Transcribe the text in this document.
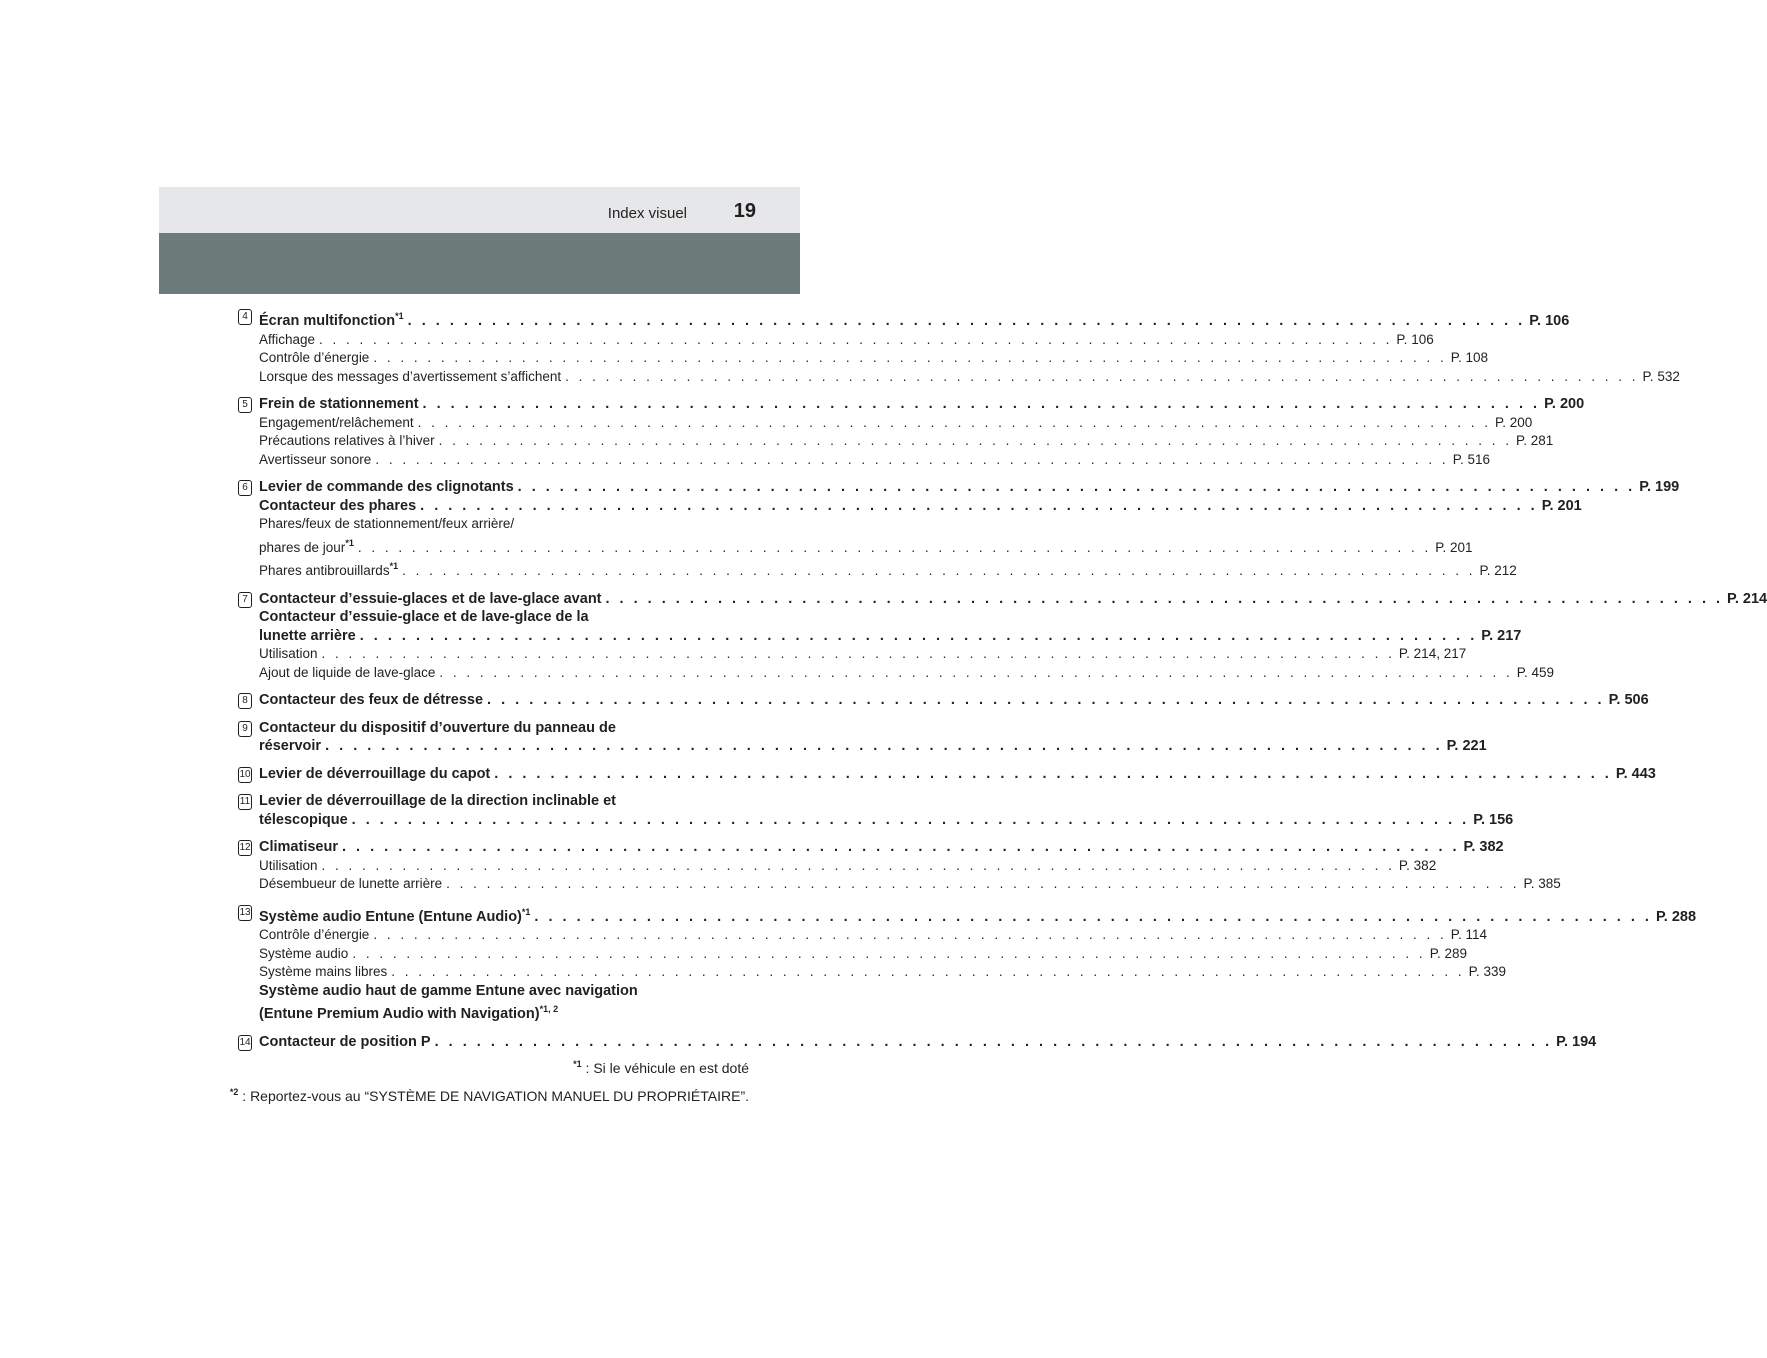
Index visuel 19
4 Écran multifonction$^{*1}$ . . . . . . . . . . . . . . . . . . . . . . . . . . . . . . . . . . . . . . . . . . . . . . . . . . . . . . . . . . . . . . . . . . . . . . . . . . . . . . . . P. 106
Affichage . . . . . . . . . . . . . . . . . . . . . . . . . . . . . . . . . . . . . . . . . . . . . . . . . . . . . . . . . . . . . . . . . . . . . . . . . . . . . . . . P. 106
Contrôle d’énergie . . . . . . . . . . . . . . . . . . . . . . . . . . . . . . . . . . . . . . . . . . . . . . . . . . . . . . . . . . . . . . . . . . . . . . . . . . . . . . . . P. 108
Lorsque des messages d’avertissement s’affichent . . . . . . . . . . . . . . . . . . . . . . . . . . . . . . . . . . . . . . . . . . . . . . . . . . . . . . . . . . . . . . . . . . . . . . . . . . . . . . . . P. 532
5 Frein de stationnement . . . . . . . . . . . . . . . . . . . . . . . . . . . . . . . . . . . . . . . . . . . . . . . . . . . . . . . . . . . . . . . . . . . . . . . . . . . . . . . . P. 200
Engagement/relâchement . . . . . . . . . . . . . . . . . . . . . . . . . . . . . . . . . . . . . . . . . . . . . . . . . . . . . . . . . . . . . . . . . . . . . . . . . . . . . . . . P. 200
Précautions relatives à l’hiver . . . . . . . . . . . . . . . . . . . . . . . . . . . . . . . . . . . . . . . . . . . . . . . . . . . . . . . . . . . . . . . . . . . . . . . . . . . . . . . . P. 281
Avertisseur sonore . . . . . . . . . . . . . . . . . . . . . . . . . . . . . . . . . . . . . . . . . . . . . . . . . . . . . . . . . . . . . . . . . . . . . . . . . . . . . . . . P. 516
6 Levier de commande des clignotants . . . . . . . . . . . . . . . . . . . . . . . . . . . . . . . . . . . . . . . . . . . . . . . . . . . . . . . . . . . . . . . . . . . . . . . . . . . . . . . . P. 199
Contacteur des phares . . . . . . . . . . . . . . . . . . . . . . . . . . . . . . . . . . . . . . . . . . . . . . . . . . . . . . . . . . . . . . . . . . . . . . . . . . . . . . . . P. 201
Phares/feux de stationnement/feux arrière/
phares de jour$^{*1}$ . . . . . . . . . . . . . . . . . . . . . . . . . . . . . . . . . . . . . . . . . . . . . . . . . . . . . . . . . . . . . . . . . . . . . . . . . . . . . . . . P. 201
Phares antibrouillards$^{*1}$ . . . . . . . . . . . . . . . . . . . . . . . . . . . . . . . . . . . . . . . . . . . . . . . . . . . . . . . . . . . . . . . . . . . . . . . . . . . . . . . . P. 212
7 Contacteur d’essuie-glaces et de lave-glace avant . . . . . . . . . . . . . . . . . . . . . . . . . . . . . . . . . . . . . . . . . . . . . . . . . . . . . . . . . . . . . . . . . . . . . . . . . . . . . . . . P. 214
Contacteur d’essuie-glace et de lave-glace de la
lunette arrière . . . . . . . . . . . . . . . . . . . . . . . . . . . . . . . . . . . . . . . . . . . . . . . . . . . . . . . . . . . . . . . . . . . . . . . . . . . . . . . . P. 217
Utilisation . . . . . . . . . . . . . . . . . . . . . . . . . . . . . . . . . . . . . . . . . . . . . . . . . . . . . . . . . . . . . . . . . . . . . . . . . . . . . . . . P. 214, 217
Ajout de liquide de lave-glace . . . . . . . . . . . . . . . . . . . . . . . . . . . . . . . . . . . . . . . . . . . . . . . . . . . . . . . . . . . . . . . . . . . . . . . . . . . . . . . . P. 459
8 Contacteur des feux de détresse . . . . . . . . . . . . . . . . . . . . . . . . . . . . . . . . . . . . . . . . . . . . . . . . . . . . . . . . . . . . . . . . . . . . . . . . . . . . . . . . P. 506
9 Contacteur du dispositif d’ouverture du panneau de
réservoir . . . . . . . . . . . . . . . . . . . . . . . . . . . . . . . . . . . . . . . . . . . . . . . . . . . . . . . . . . . . . . . . . . . . . . . . . . . . . . . . P. 221
10 Levier de déverrouillage du capot . . . . . . . . . . . . . . . . . . . . . . . . . . . . . . . . . . . . . . . . . . . . . . . . . . . . . . . . . . . . . . . . . . . . . . . . . . . . . . . . P. 443
11 Levier de déverrouillage de la direction inclinable et
télescopique . . . . . . . . . . . . . . . . . . . . . . . . . . . . . . . . . . . . . . . . . . . . . . . . . . . . . . . . . . . . . . . . . . . . . . . . . . . . . . . . P. 156
12 Climatiseur . . . . . . . . . . . . . . . . . . . . . . . . . . . . . . . . . . . . . . . . . . . . . . . . . . . . . . . . . . . . . . . . . . . . . . . . . . . . . . . . P. 382
Utilisation . . . . . . . . . . . . . . . . . . . . . . . . . . . . . . . . . . . . . . . . . . . . . . . . . . . . . . . . . . . . . . . . . . . . . . . . . . . . . . . . P. 382
Désembueur de lunette arrière . . . . . . . . . . . . . . . . . . . . . . . . . . . . . . . . . . . . . . . . . . . . . . . . . . . . . . . . . . . . . . . . . . . . . . . . . . . . . . . . P. 385
13 Système audio Entune (Entune Audio)$^{*1}$ . . . . . . . . . . . . . . . . . . . . . . . . . . . . . . . . . . . . . . . . . . . . . . . . . . . . . . . . . . . . . . . . . . . . . . . . . . . . . . . . P. 288
Contrôle d’énergie . . . . . . . . . . . . . . . . . . . . . . . . . . . . . . . . . . . . . . . . . . . . . . . . . . . . . . . . . . . . . . . . . . . . . . . . . . . . . . . . P. 114
Système audio . . . . . . . . . . . . . . . . . . . . . . . . . . . . . . . . . . . . . . . . . . . . . . . . . . . . . . . . . . . . . . . . . . . . . . . . . . . . . . . . P. 289
Système mains libres . . . . . . . . . . . . . . . . . . . . . . . . . . . . . . . . . . . . . . . . . . . . . . . . . . . . . . . . . . . . . . . . . . . . . . . . . . . . . . . . P. 339
Système audio haut de gamme Entune avec navigation
(Entune Premium Audio with Navigation)$^{*1, 2}$
14 Contacteur de position P . . . . . . . . . . . . . . . . . . . . . . . . . . . . . . . . . . . . . . . . . . . . . . . . . . . . . . . . . . . . . . . . . . . . . . . . . . . . . . . . P. 194

$^{*1}$ : Si le véhicule en est doté

$^{*2}$ : Reportez-vous au “SYSTÈME DE NAVIGATION MANUEL DU PROPRIÉTAIRE”.
